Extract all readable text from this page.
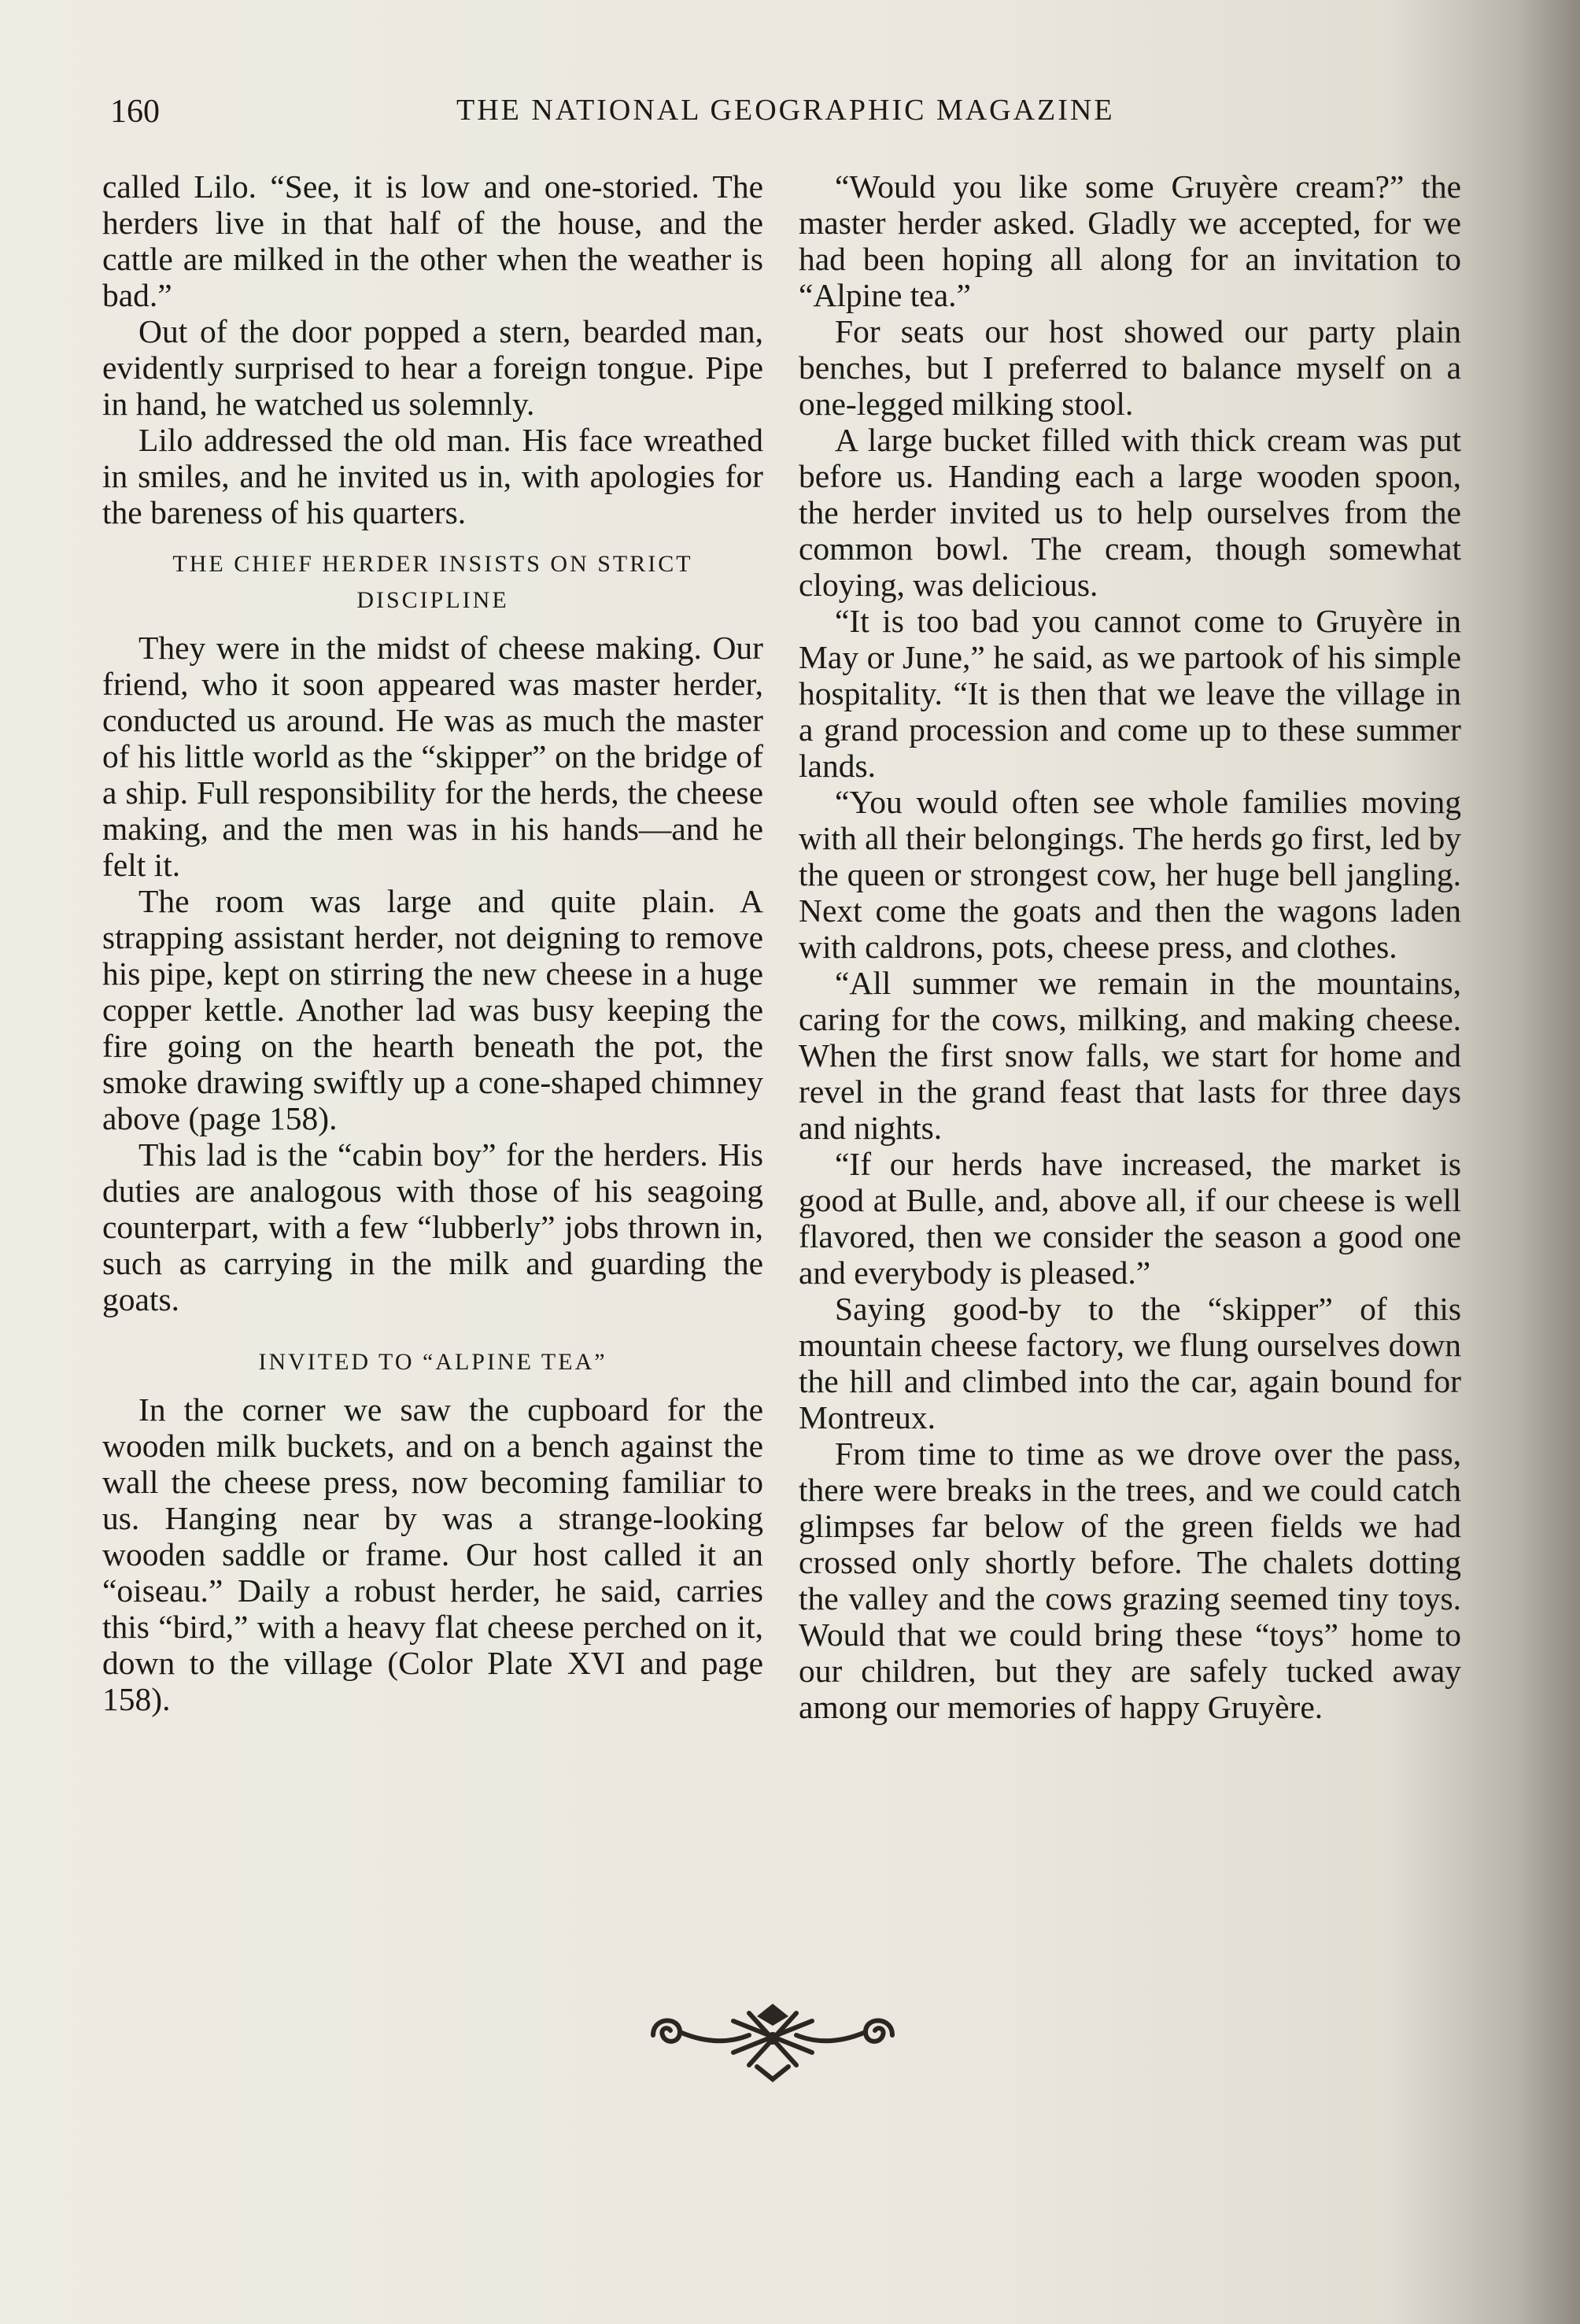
160	THE NATIONAL GEOGRAPHIC MAGAZINE

called Lilo. “See, it is low and one-storied. The herders live in that half of the house, and the cattle are milked in the other when the weather is bad.”

Out of the door popped a stern, bearded man, evidently surprised to hear a foreign tongue. Pipe in hand, he watched us solemnly.

Lilo addressed the old man. His face wreathed in smiles, and he invited us in, with apologies for the bareness of his quarters.

THE CHIEF HERDER INSISTS ON STRICT DISCIPLINE

They were in the midst of cheese making. Our friend, who it soon appeared was master herder, conducted us around. He was as much the master of his little world as the “skipper” on the bridge of a ship. Full responsibility for the herds, the cheese making, and the men was in his hands—and he felt it.

The room was large and quite plain. A strapping assistant herder, not deigning to remove his pipe, kept on stirring the new cheese in a huge copper kettle. Another lad was busy keeping the fire going on the hearth beneath the pot, the smoke drawing swiftly up a cone-shaped chimney above (page 158).

This lad is the “cabin boy” for the herders. His duties are analogous with those of his seagoing counterpart, with a few “lubberly” jobs thrown in, such as carrying in the milk and guarding the goats.

INVITED TO “ALPINE TEA”

In the corner we saw the cupboard for the wooden milk buckets, and on a bench against the wall the cheese press, now becoming familiar to us. Hanging near by was a strange-looking wooden saddle or frame. Our host called it an “oiseau.” Daily a robust herder, he said, carries this “bird,” with a heavy flat cheese perched on it, down to the village (Color Plate XVI and page 158).

“Would you like some Gruyère cream?” the master herder asked. Gladly we accepted, for we had been hoping all along for an invitation to “Alpine tea.”

For seats our host showed our party plain benches, but I preferred to balance myself on a one-legged milking stool.

A large bucket filled with thick cream was put before us. Handing each a large wooden spoon, the herder invited us to help ourselves from the common bowl. The cream, though somewhat cloying, was delicious.

“It is too bad you cannot come to Gruyère in May or June,” he said, as we partook of his simple hospitality. “It is then that we leave the village in a grand procession and come up to these summer lands.

“You would often see whole families moving with all their belongings. The herds go first, led by the queen or strongest cow, her huge bell jangling. Next come the goats and then the wagons laden with caldrons, pots, cheese press, and clothes.

“All summer we remain in the mountains, caring for the cows, milking, and making cheese. When the first snow falls, we start for home and revel in the grand feast that lasts for three days and nights.

“If our herds have increased, the market is good at Bulle, and, above all, if our cheese is well flavored, then we consider the season a good one and everybody is pleased.”

Saying good-by to the “skipper” of this mountain cheese factory, we flung ourselves down the hill and climbed into the car, again bound for Montreux.

From time to time as we drove over the pass, there were breaks in the trees, and we could catch glimpses far below of the green fields we had crossed only shortly before. The chalets dotting the valley and the cows grazing seemed tiny toys. Would that we could bring these “toys” home to our children, but they are safely tucked away among our memories of happy Gruyère.
